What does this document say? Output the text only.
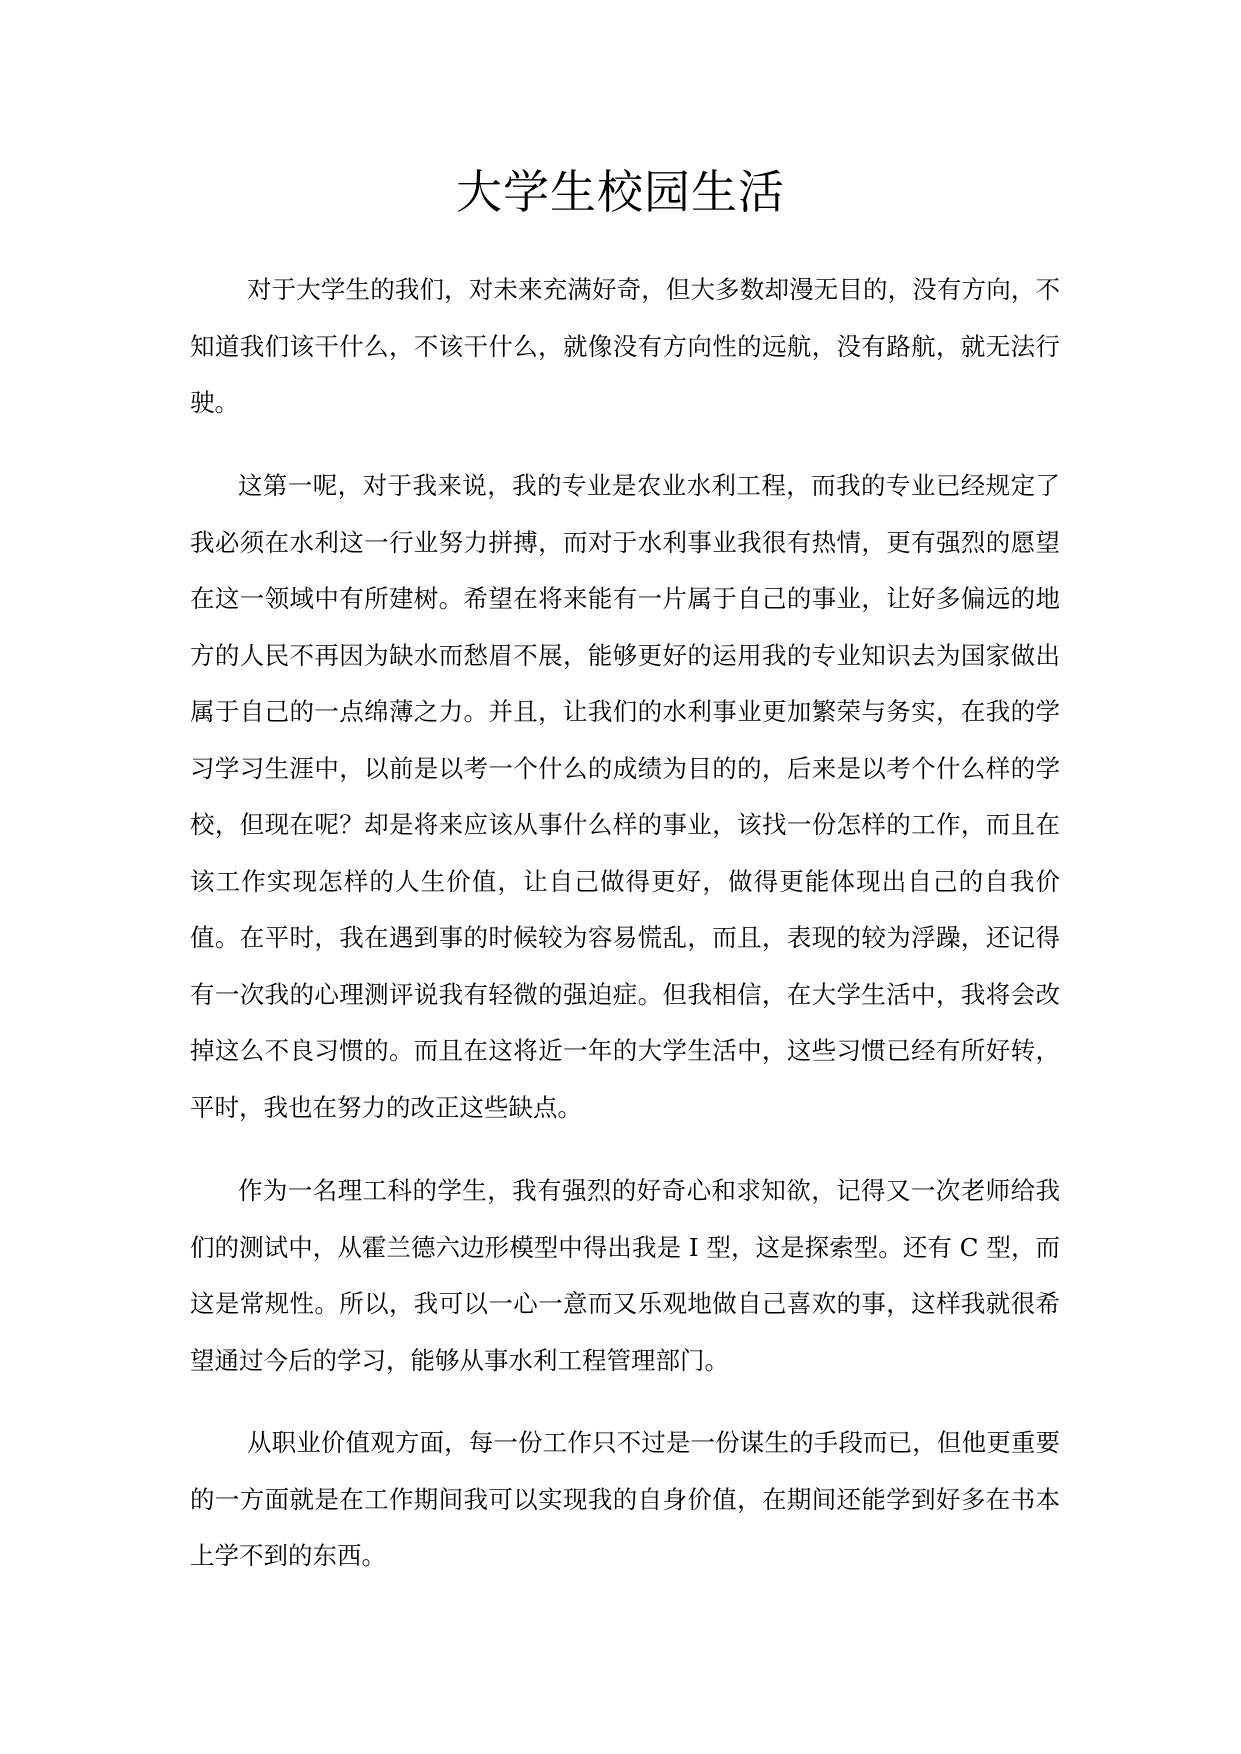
大学生校园生活

对于大学生的我们，对未来充满好奇，但大多数却漫无目的，没有方向，不知道我们该干什么，不该干什么，就像没有方向性的远航，没有路航，就无法行驶。

这第一呢，对于我来说，我的专业是农业水利工程，而我的专业已经规定了我必须在水利这一行业努力拼搏，而对于水利事业我很有热情，更有强烈的愿望在这一领域中有所建树。希望在将来能有一片属于自己的事业，让好多偏远的地方的人民不再因为缺水而愁眉不展，能够更好的运用我的专业知识去为国家做出属于自己的一点绵薄之力。并且，让我们的水利事业更加繁荣与务实，在我的学习学习生涯中，以前是以考一个什么的成绩为目的的，后来是以考个什么样的学校，但现在呢？却是将来应该从事什么样的事业，该找一份怎样的工作，而且在该工作实现怎样的人生价值，让自己做得更好，做得更能体现出自己的自我价值。在平时，我在遇到事的时候较为容易慌乱，而且，表现的较为浮躁，还记得有一次我的心理测评说我有轻微的强迫症。但我相信，在大学生活中，我将会改掉这么不良习惯的。而且在这将近一年的大学生活中，这些习惯已经有所好转，平时，我也在努力的改正这些缺点。

作为一名理工科的学生，我有强烈的好奇心和求知欲，记得又一次老师给我们的测试中，从霍兰德六边形模型中得出我是 I 型，这是探索型。还有 C 型，而这是常规性。所以，我可以一心一意而又乐观地做自己喜欢的事，这样我就很希望通过今后的学习，能够从事水利工程管理部门。

从职业价值观方面，每一份工作只不过是一份谋生的手段而已，但他更重要的一方面就是在工作期间我可以实现我的自身价值，在期间还能学到好多在书本上学不到的东西。
